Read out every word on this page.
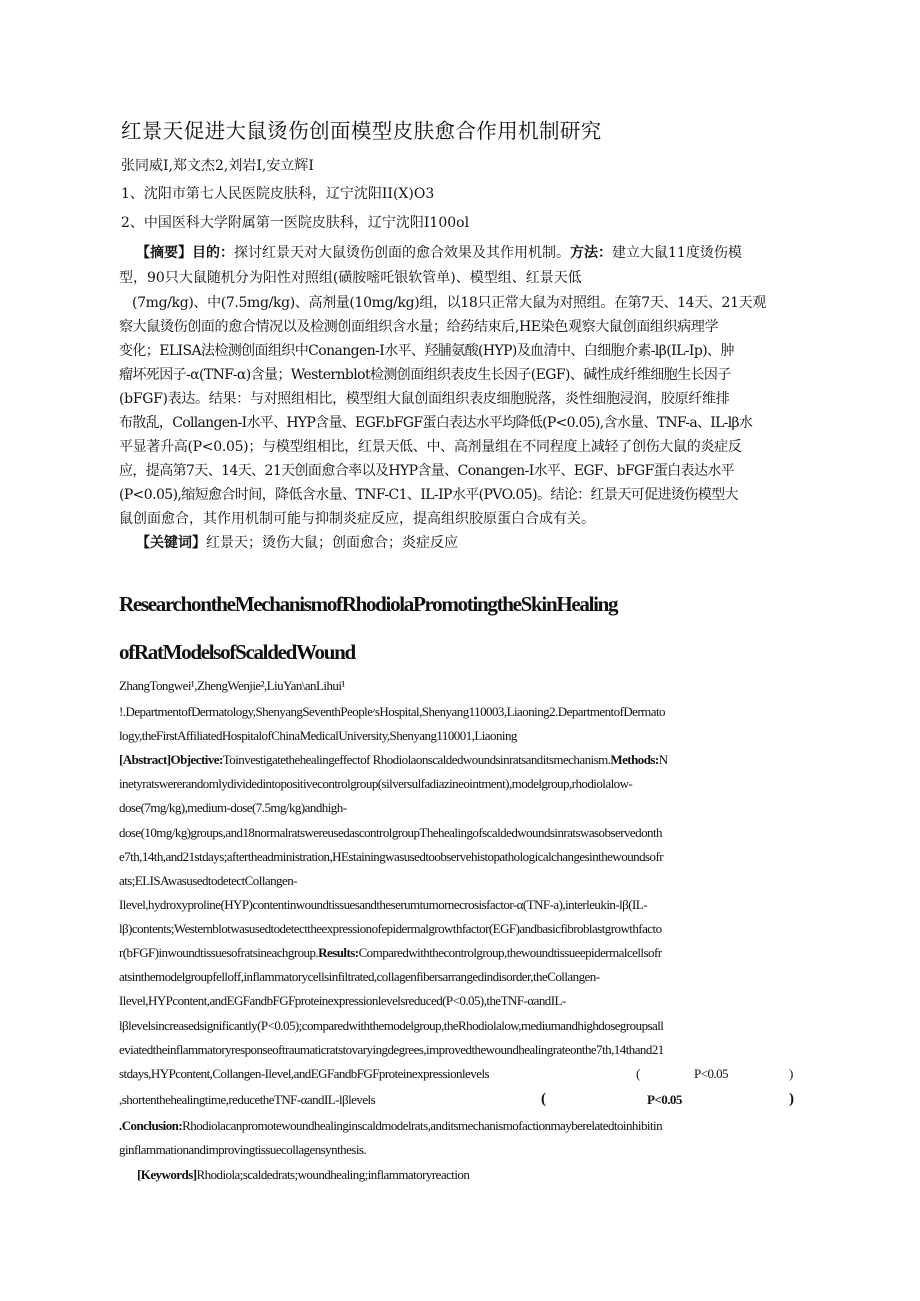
红景天促进大鼠烫伤创面模型皮肤愈合作用机制研究
张同威I,郑文杰2,刘岩I,安立辉I
1、沈阳市第七人民医院皮肤科，辽宁沈阳II(X)O3
2、中国医科大学附属第一医院皮肤科，辽宁沈阳I100ol
【摘要】目的：探讨红景天对大鼠烫伤创面的愈合效果及其作用机制。方法：建立大鼠11度烫伤模
型，90只大鼠随机分为阳性对照组(磺胺嘧吒银软管单)、模型组、红景天低
(7mg/kg)、中(7.5mg/kg)、高剂量(10mg/kg)组，以18只正常大鼠为对照组。在第7天、14天、21天观
察大鼠烫伤创面的愈合情况以及检测创面组织含水量；给药结束后,HE染色观察大鼠创面组织病理学
变化；ELISA法检测创面组织中Conangen-I水平、羟脯氨酸(HYP)及血清中、白细胞介素-lβ(IL-Ip)、肿
瘤坏死因子-α(TNF-α)含量；Westernblot检测创面组织表皮生长因子(EGF)、碱性成纤维细胞生长因子
(bFGF)表达。结果：与对照组相比，模型组大鼠创面组织表皮细胞脱落，炎性细胞浸润，胶原纤维排
布散乱，Collangen-I水平、HYP含量、EGF.bFGF蛋白表达水平均降低(P<0.05),含水量、TNF-a、IL-lβ水
平显著升高(P<0.05)；与模型组相比，红景天低、中、高剂量组在不同程度上减轻了创伤大鼠的炎症反
应，提高第7天、14天、21天创面愈合率以及HYP含量、Conangen-I水平、EGF、bFGF蛋白表达水平
(P<0.05),缩短愈合时间，降低含水量、TNF-C1、IL-IP水平(PVO.05)。结论：红景天可促进烫伤模型大
鼠创面愈合，其作用机制可能与抑制炎症反应，提高组织胶原蛋白合成有关。
【关键词】红景天；烫伤大鼠；创面愈合；炎症反应
ResearchontheMechanismofRhodiolaPromotingtheSkinHealing
ofRatModelsofScaldedWound
ZhangTongwei¹,ZhengWenjie²,LiuYan\anLihui¹
!.DepartmentofDermatology,ShenyangSeventhPeople׳sHospital,Shenyang110003,Liaoning2.DepartmentofDermato
logy,theFirstAffiliatedHospitalofChinaMedicalUniversity,Shenyang110001,Liaoning
[Abstract]Objective:Toinvestigatethehealingeffectof Rhodiolaonscaldedwoundsinratsanditsmechanism.Methods:N
inetyratswererandomlydividedintopositivecontrolgroup(silversulfadiazineointment),modelgroup,rhodiolalow-
dose(7mg/kg),medium-dose(7.5mg/kg)andhigh-
dose(10mg/kg)groups,and18normalratswereusedascontrolgroupThehealingofscaldedwoundsinratswasobservedonth
e7th,14th,and21stdays;aftertheadministration,HEstainingwasusedtoobservehistopathologicalchangesinthewoundsofr
ats;ELISAwasusedtodetectCollangen-
Ilevel,hydroxyproline(HYP)contentinwoundtissuesandtheserumtumornecrosisfactor-α(TNF-a),interleukin-lβ(IL-
lβ)contents;Westernblotwasusedtodetecttheexpressionofepidermalgrowthfactor(EGF)andbasicfibroblastgrowthfacto
r(bFGF)inwoundtissuesofratsineachgroup.Results:Comparedwiththecontrolgroup,thewoundtissueepidermalcellsofr
atsinthemodelgroupfelloff,inflammatorycellsinfiltrated,collagenfibersarrangedindisorder,theCollangen-
Ilevel,HYPcontent,andEGFandbFGFproteinexpressionlevelsreduced(P<0.05),theTNF-αandIL-
lβlevelsincreasedsignificantly(P<0.05);comparedwiththemodelgroup,theRhodiolalow,mediumandhighdosegroupsall
eviatedtheinflammatoryresponseoftraumaticratstovaryingdegrees,improvedthewoundhealingrateonthe7th,14thand21
stdays,HYPcontent,Collangen-Ilevel,andEGFandbFGFproteinexpressionlevels	(	P<0.05	)
,shortenthehealingtime,reducetheTNF-αandIL-lβlevels	(	P<0.05	)
.Conclusion:Rhodiolacanpromotewoundhealinginscaldmodelrats,anditsmechanismofactionmayberelatedtoinhibitin
ginflammationandimprovingtissuecollagensynthesis.
[Keywords]Rhodiola;scaldedrats;woundhealing;inflammatoryreaction
